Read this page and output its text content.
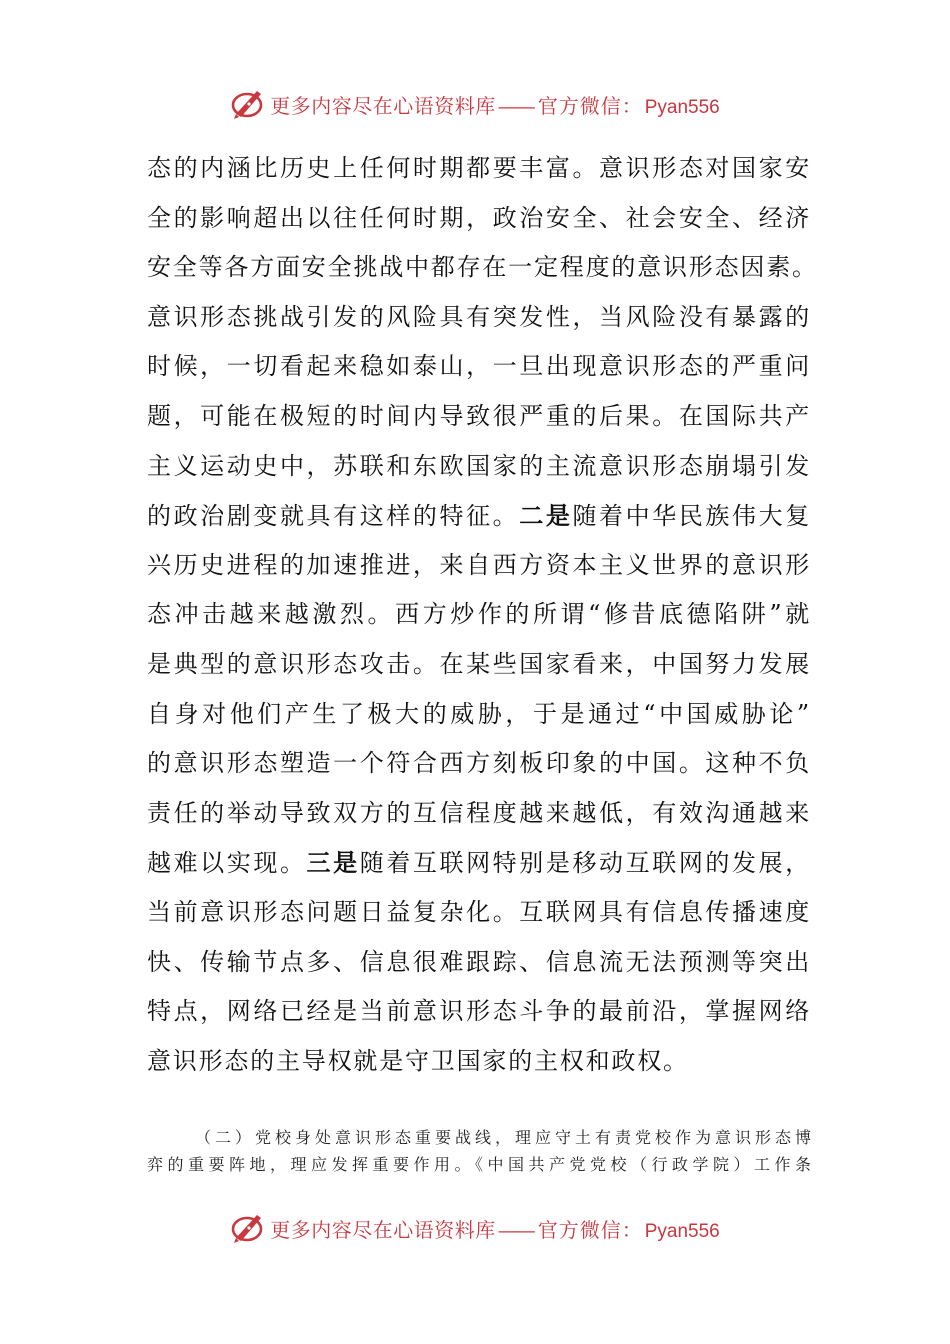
更多内容尽在心语资料库 —— 官方微信： Pyan556
态的内涵比历史上任何时期都要丰富。意识形态对国家安
全的影响超出以往任何时期，政治安全、社会安全、经济
安全等各方面安全挑战中都存在一定程度的意识形态因素。
意识形态挑战引发的风险具有突发性，当风险没有暴露的
时候，一切看起来稳如泰山，一旦出现意识形态的严重问
题，可能在极短的时间内导致很严重的后果。在国际共产
主义运动史中，苏联和东欧国家的主流意识形态崩塌引发
的政治剧变就具有这样的特征。二是随着中华民族伟大复
兴历史进程的加速推进，来自西方资本主义世界的意识形
态冲击越来越激烈。西方炒作的所谓“修昔底德陷阱”就
是典型的意识形态攻击。在某些国家看来，中国努力发展
自身对他们产生了极大的威胁，于是通过“中国威胁论”
的意识形态塑造一个符合西方刻板印象的中国。这种不负
责任的举动导致双方的互信程度越来越低，有效沟通越来
越难以实现。三是随着互联网特别是移动互联网的发展，
当前意识形态问题日益复杂化。互联网具有信息传播速度
快、传输节点多、信息很难跟踪、信息流无法预测等突出
特点，网络已经是当前意识形态斗争的最前沿，掌握网络
意识形态的主导权就是守卫国家的主权和政权。
（二）党校身处意识形态重要战线，理应守土有责党校作为意识形态博
弈的重要阵地，理应发挥重要作用。《中国共产党党校（行政学院）工作条
更多内容尽在心语资料库 —— 官方微信： Pyan556
